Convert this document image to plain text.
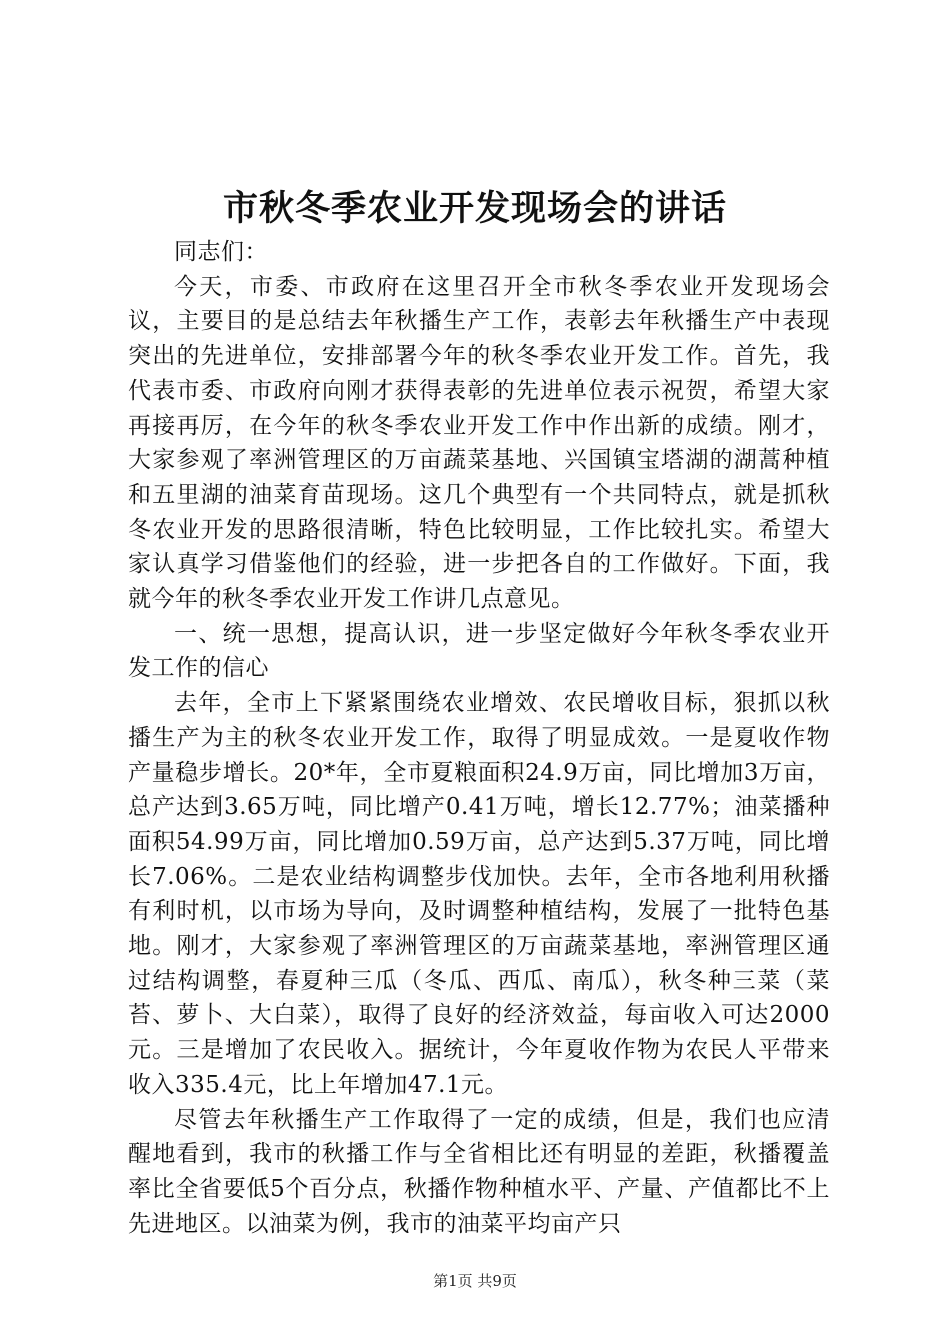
市秋冬季农业开发现场会的讲话

同志们：

今天，市委、市政府在这里召开全市秋冬季农业开发现场会议，主要目的是总结去年秋播生产工作，表彰去年秋播生产中表现突出的先进单位，安排部署今年的秋冬季农业开发工作。首先，我代表市委、市政府向刚才获得表彰的先进单位表示祝贺，希望大家再接再厉，在今年的秋冬季农业开发工作中作出新的成绩。刚才，大家参观了率洲管理区的万亩蔬菜基地、兴国镇宝塔湖的湖蒿种植和五里湖的油菜育苗现场。这几个典型有一个共同特点，就是抓秋冬农业开发的思路很清晰，特色比较明显，工作比较扎实。希望大家认真学习借鉴他们的经验，进一步把各自的工作做好。下面，我就今年的秋冬季农业开发工作讲几点意见。

一、统一思想，提高认识，进一步坚定做好今年秋冬季农业开发工作的信心

去年，全市上下紧紧围绕农业增效、农民增收目标，狠抓以秋播生产为主的秋冬农业开发工作，取得了明显成效。一是夏收作物产量稳步增长。20*年，全市夏粮面积24.9万亩，同比增加3万亩，总产达到3.65万吨，同比增产0.41万吨，增长12.77%；油菜播种面积54.99万亩，同比增加0.59万亩，总产达到5.37万吨，同比增长7.06%。二是农业结构调整步伐加快。去年，全市各地利用秋播有利时机，以市场为导向，及时调整种植结构，发展了一批特色基地。刚才，大家参观了率洲管理区的万亩蔬菜基地，率洲管理区通过结构调整，春夏种三瓜（冬瓜、西瓜、南瓜），秋冬种三菜（菜苔、萝卜、大白菜），取得了良好的经济效益，每亩收入可达2000元。三是增加了农民收入。据统计，今年夏收作物为农民人平带来收入335.4元，比上年增加47.1元。

尽管去年秋播生产工作取得了一定的成绩，但是，我们也应清醒地看到，我市的秋播工作与全省相比还有明显的差距，秋播覆盖率比全省要低5个百分点，秋播作物种植水平、产量、产值都比不上先进地区。以油菜为例，我市的油菜平均亩产只

第1页 共9页
